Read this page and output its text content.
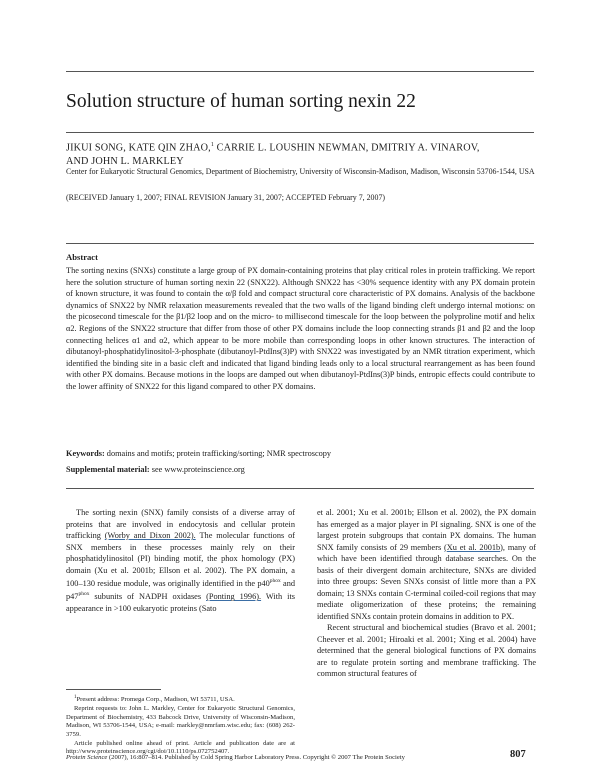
Solution structure of human sorting nexin 22
JIKUI SONG, KATE QIN ZHAO,$^1$ CARRIE L. LOUSHIN NEWMAN, DMITRIY A. VINAROV,
AND JOHN L. MARKLEY
Center for Eukaryotic Structural Genomics, Department of Biochemistry, University of Wisconsin-Madison, Madison, Wisconsin 53706-1544, USA
(RECEIVED January 1, 2007; FINAL REVISION January 31, 2007; ACCEPTED February 7, 2007)
Abstract
The sorting nexins (SNXs) constitute a large group of PX domain-containing proteins that play critical roles in protein trafficking. We report here the solution structure of human sorting nexin 22 (SNX22). Although SNX22 has <30% sequence identity with any PX domain protein of known structure, it was found to contain the α/β fold and compact structural core characteristic of PX domains. Analysis of the backbone dynamics of SNX22 by NMR relaxation measurements revealed that the two walls of the ligand binding cleft undergo internal motions: on the picosecond timescale for the β1/β2 loop and on the micro- to millisecond timescale for the loop between the polyproline motif and helix α2. Regions of the SNX22 structure that differ from those of other PX domains include the loop connecting strands β1 and β2 and the loop connecting helices α1 and α2, which appear to be more mobile than corresponding loops in other known structures. The interaction of dibutanoyl-phosphatidylinositol-3-phosphate (dibutanoyl-PtdIns(3)P) with SNX22 was investigated by an NMR titration experiment, which identified the binding site in a basic cleft and indicated that ligand binding leads only to a local structural rearrangement as has been found with other PX domains. Because motions in the loops are damped out when dibutanoyl-PtdIns(3)P binds, entropic effects could contribute to the lower affinity of SNX22 for this ligand compared to other PX domains.
Keywords: domains and motifs; protein trafficking/sorting; NMR spectroscopy
Supplemental material: see www.proteinscience.org
The sorting nexin (SNX) family consists of a diverse array of proteins that are involved in endocytosis and cellular protein trafficking (Worby and Dixon 2002). The molecular functions of SNX members in these processes mainly rely on their phosphatidylinositol (PI) binding motif, the phox homology (PX) domain (Xu et al. 2001b; Ellson et al. 2002). The PX domain, a 100–130 residue module, was originally identified in the $p40^{phox}$ and $p47^{phox}$ subunits of NADPH oxidases (Ponting 1996). With its appearance in >100 eukaryotic proteins (Sato

et al. 2001; Xu et al. 2001b; Ellson et al. 2002), the PX domain has emerged as a major player in PI signaling. SNX is one of the largest protein subgroups that contain PX domains. The human SNX family consists of 29 members (Xu et al. 2001b), many of which have been identified through database searches. On the basis of their divergent domain architecture, SNXs are divided into three groups: Seven SNXs consist of little more than a PX domain; 13 SNXs contain C-terminal coiled-coil regions that may mediate oligomerization of these proteins; the remaining identified SNXs contain protein domains in addition to PX.

Recent structural and biochemical studies (Bravo et al. 2001; Cheever et al. 2001; Hiroaki et al. 2001; Xing et al. 2004) have determined that the general biological functions of PX domains are to regulate protein sorting and membrane trafficking. The common structural features of

$^1$Present address: Promega Corp., Madison, WI 53711, USA.

Reprint requests to: John L. Markley, Center for Eukaryotic Structural Genomics, Department of Biochemistry, 433 Babcock Drive, University of Wisconsin-Madison, Madison, WI 53706-1544, USA; e-mail: markley@nmrfam.wisc.edu; fax: (608) 262-3759.

Article published online ahead of print. Article and publication date are at http://www.proteinscience.org/cgi/doi/10.1110/ps.072752407.

Protein Science (2007), 16:807–814. Published by Cold Spring Harbor Laboratory Press. Copyright © 2007 The Protein Society	807
